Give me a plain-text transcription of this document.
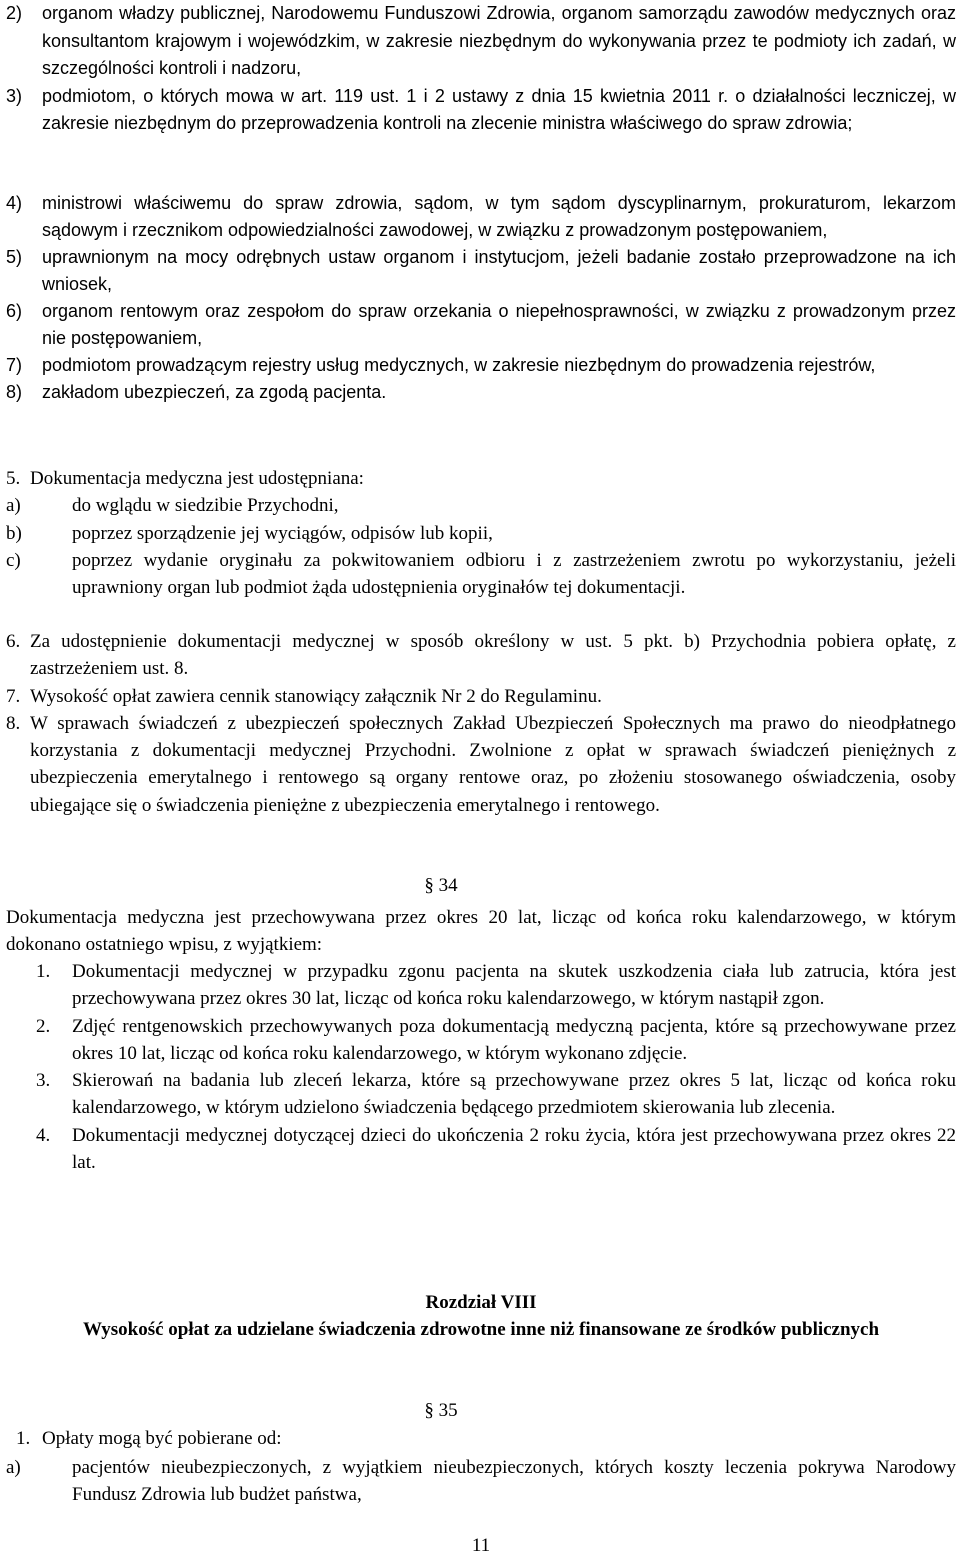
2)	organom władzy publicznej, Narodowemu Funduszowi Zdrowia, organom samorządu zawodów medycznych oraz konsultantom krajowym i wojewódzkim, w zakresie niezbędnym do wykonywania przez te podmioty ich zadań, w szczególności kontroli i nadzoru,
3)	podmiotom, o których mowa w art. 119 ust. 1 i 2 ustawy z dnia 15 kwietnia 2011 r. o działalności leczniczej, w zakresie niezbędnym do przeprowadzenia kontroli na zlecenie ministra właściwego do spraw zdrowia;
4)	ministrowi właściwemu do spraw zdrowia, sądom, w tym sądom dyscyplinarnym, prokuraturom, lekarzom sądowym i rzecznikom odpowiedzialności zawodowej, w związku z prowadzonym postępowaniem,
5)	uprawnionym na mocy odrębnych ustaw organom i instytucjom, jeżeli badanie zostało przeprowadzone na ich wniosek,
6)	organom rentowym oraz zespołom do spraw orzekania o niepełnosprawności, w związku z prowadzonym przez nie postępowaniem,
7)	podmiotom prowadzącym rejestry usług medycznych, w zakresie niezbędnym do prowadzenia rejestrów,
8)	zakładom ubezpieczeń, za zgodą pacjenta.
5. Dokumentacja medyczna jest udostępniana:
a)	do wglądu w siedzibie Przychodni,
b)	poprzez sporządzenie jej wyciągów, odpisów lub kopii,
c)	poprzez wydanie oryginału za pokwitowaniem odbioru i z zastrzeżeniem zwrotu po wykorzystaniu, jeżeli uprawniony organ lub podmiot żąda udostępnienia oryginałów tej dokumentacji.
6. Za udostępnienie dokumentacji medycznej w sposób określony w ust. 5 pkt. b) Przychodnia pobiera opłatę, z zastrzeżeniem ust. 8.
7. Wysokość opłat zawiera cennik stanowiący załącznik Nr 2 do Regulaminu.
8. W sprawach świadczeń z ubezpieczeń społecznych Zakład Ubezpieczeń Społecznych ma prawo do nieodpłatnego korzystania z dokumentacji medycznej Przychodni. Zwolnione z opłat w sprawach świadczeń pieniężnych z ubezpieczenia emerytalnego i rentowego są organy rentowe oraz, po złożeniu stosowanego oświadczenia, osoby ubiegające się o świadczenia pieniężne z ubezpieczenia emerytalnego i rentowego.
§ 34
Dokumentacja medyczna jest przechowywana przez okres 20 lat, licząc od końca roku kalendarzowego, w którym dokonano ostatniego wpisu, z wyjątkiem:
1.	Dokumentacji medycznej w przypadku zgonu pacjenta na skutek uszkodzenia ciała lub zatrucia, która jest przechowywana przez okres 30 lat, licząc od końca roku kalendarzowego, w którym nastąpił zgon.
2.	Zdjęć rentgenowskich przechowywanych poza dokumentacją medyczną pacjenta, które są przechowywane przez okres 10 lat, licząc od końca roku kalendarzowego, w którym wykonano zdjęcie.
3.	Skierowań na badania lub zleceń lekarza, które są przechowywane przez okres 5 lat, licząc od końca roku kalendarzowego, w którym udzielono świadczenia będącego przedmiotem skierowania lub zlecenia.
4.	Dokumentacji medycznej dotyczącej dzieci do ukończenia 2 roku życia, która jest przechowywana przez okres 22 lat.
Rozdział VIII
Wysokość opłat za udzielane świadczenia zdrowotne inne niż finansowane ze środków publicznych
§ 35
1. Opłaty mogą być pobierane od:
a)	pacjentów nieubezpieczonych, z wyjątkiem nieubezpieczonych, których koszty leczenia pokrywa Narodowy Fundusz Zdrowia lub budżet państwa,
11
